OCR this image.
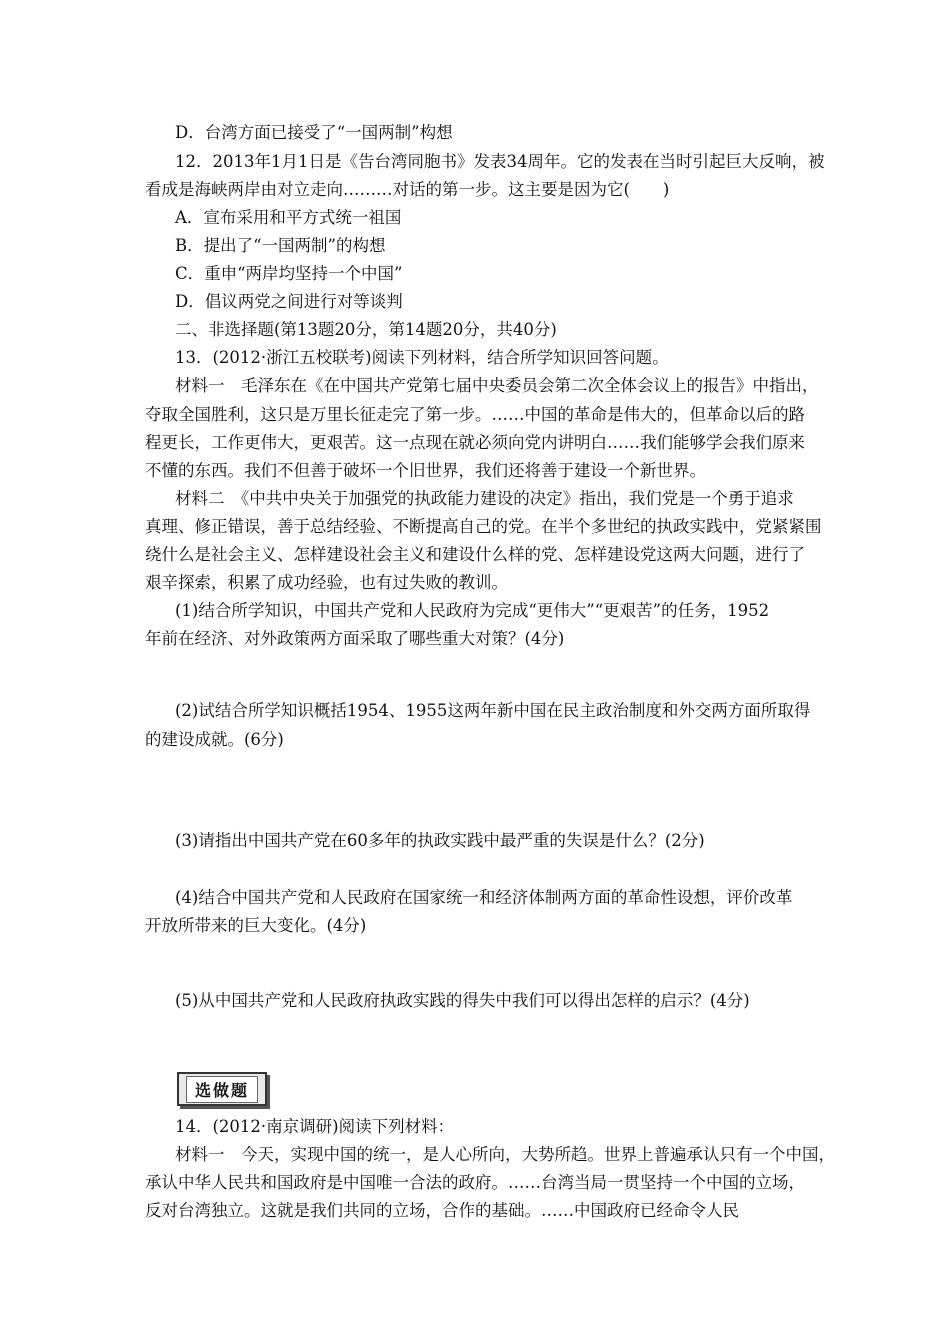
D．台湾方面已接受了“一国两制”构想
12．2013年1月1日是《告台湾同胞书》发表34周年。它的发表在当时引起巨大反响，被
看成是海峡两岸由对立走向………对话的第一步。这主要是因为它(　　)
A．宣布采用和平方式统一祖国
B．提出了“一国两制”的构想
C．重申“两岸均坚持一个中国”
D．倡议两党之间进行对等谈判
二、非选择题(第13题20分，第14题20分，共40分)
13．(2012·浙江五校联考)阅读下列材料，结合所学知识回答问题。
材料一　毛泽东在《在中国共产党第七届中央委员会第二次全体会议上的报告》中指出，
夺取全国胜利，这只是万里长征走完了第一步。……中国的革命是伟大的，但革命以后的路
程更长，工作更伟大，更艰苦。这一点现在就必须向党内讲明白……我们能够学会我们原来
不懂的东西。我们不但善于破坏一个旧世界，我们还将善于建设一个新世界。
材料二　《中共中央关于加强党的执政能力建设的决定》指出，我们党是一个勇于追求
真理、修正错误，善于总结经验、不断提高自己的党。在半个多世纪的执政实践中，党紧紧围
绕什么是社会主义、怎样建设社会主义和建设什么样的党、怎样建设党这两大问题，进行了
艰辛探索，积累了成功经验，也有过失败的教训。
(1)结合所学知识，中国共产党和人民政府为完成“更伟大”“更艰苦”的任务，1952
年前在经济、对外政策两方面采取了哪些重大对策？(4分)
(2)试结合所学知识概括1954、1955这两年新中国在民主政治制度和外交两方面所取得
的建设成就。(6分)
(3)请指出中国共产党在60多年的执政实践中最严重的失误是什么？(2分)
(4)结合中国共产党和人民政府在国家统一和经济体制两方面的革命性设想，评价改革
开放所带来的巨大变化。(4分)
(5)从中国共产党和人民政府执政实践的得失中我们可以得出怎样的启示？(4分)
选做题
14．(2012·南京调研)阅读下列材料：
材料一　今天，实现中国的统一，是人心所向，大势所趋。世界上普遍承认只有一个中国，
承认中华人民共和国政府是中国唯一合法的政府。……台湾当局一贯坚持一个中国的立场，
反对台湾独立。这就是我们共同的立场，合作的基础。……中国政府已经命令人民
